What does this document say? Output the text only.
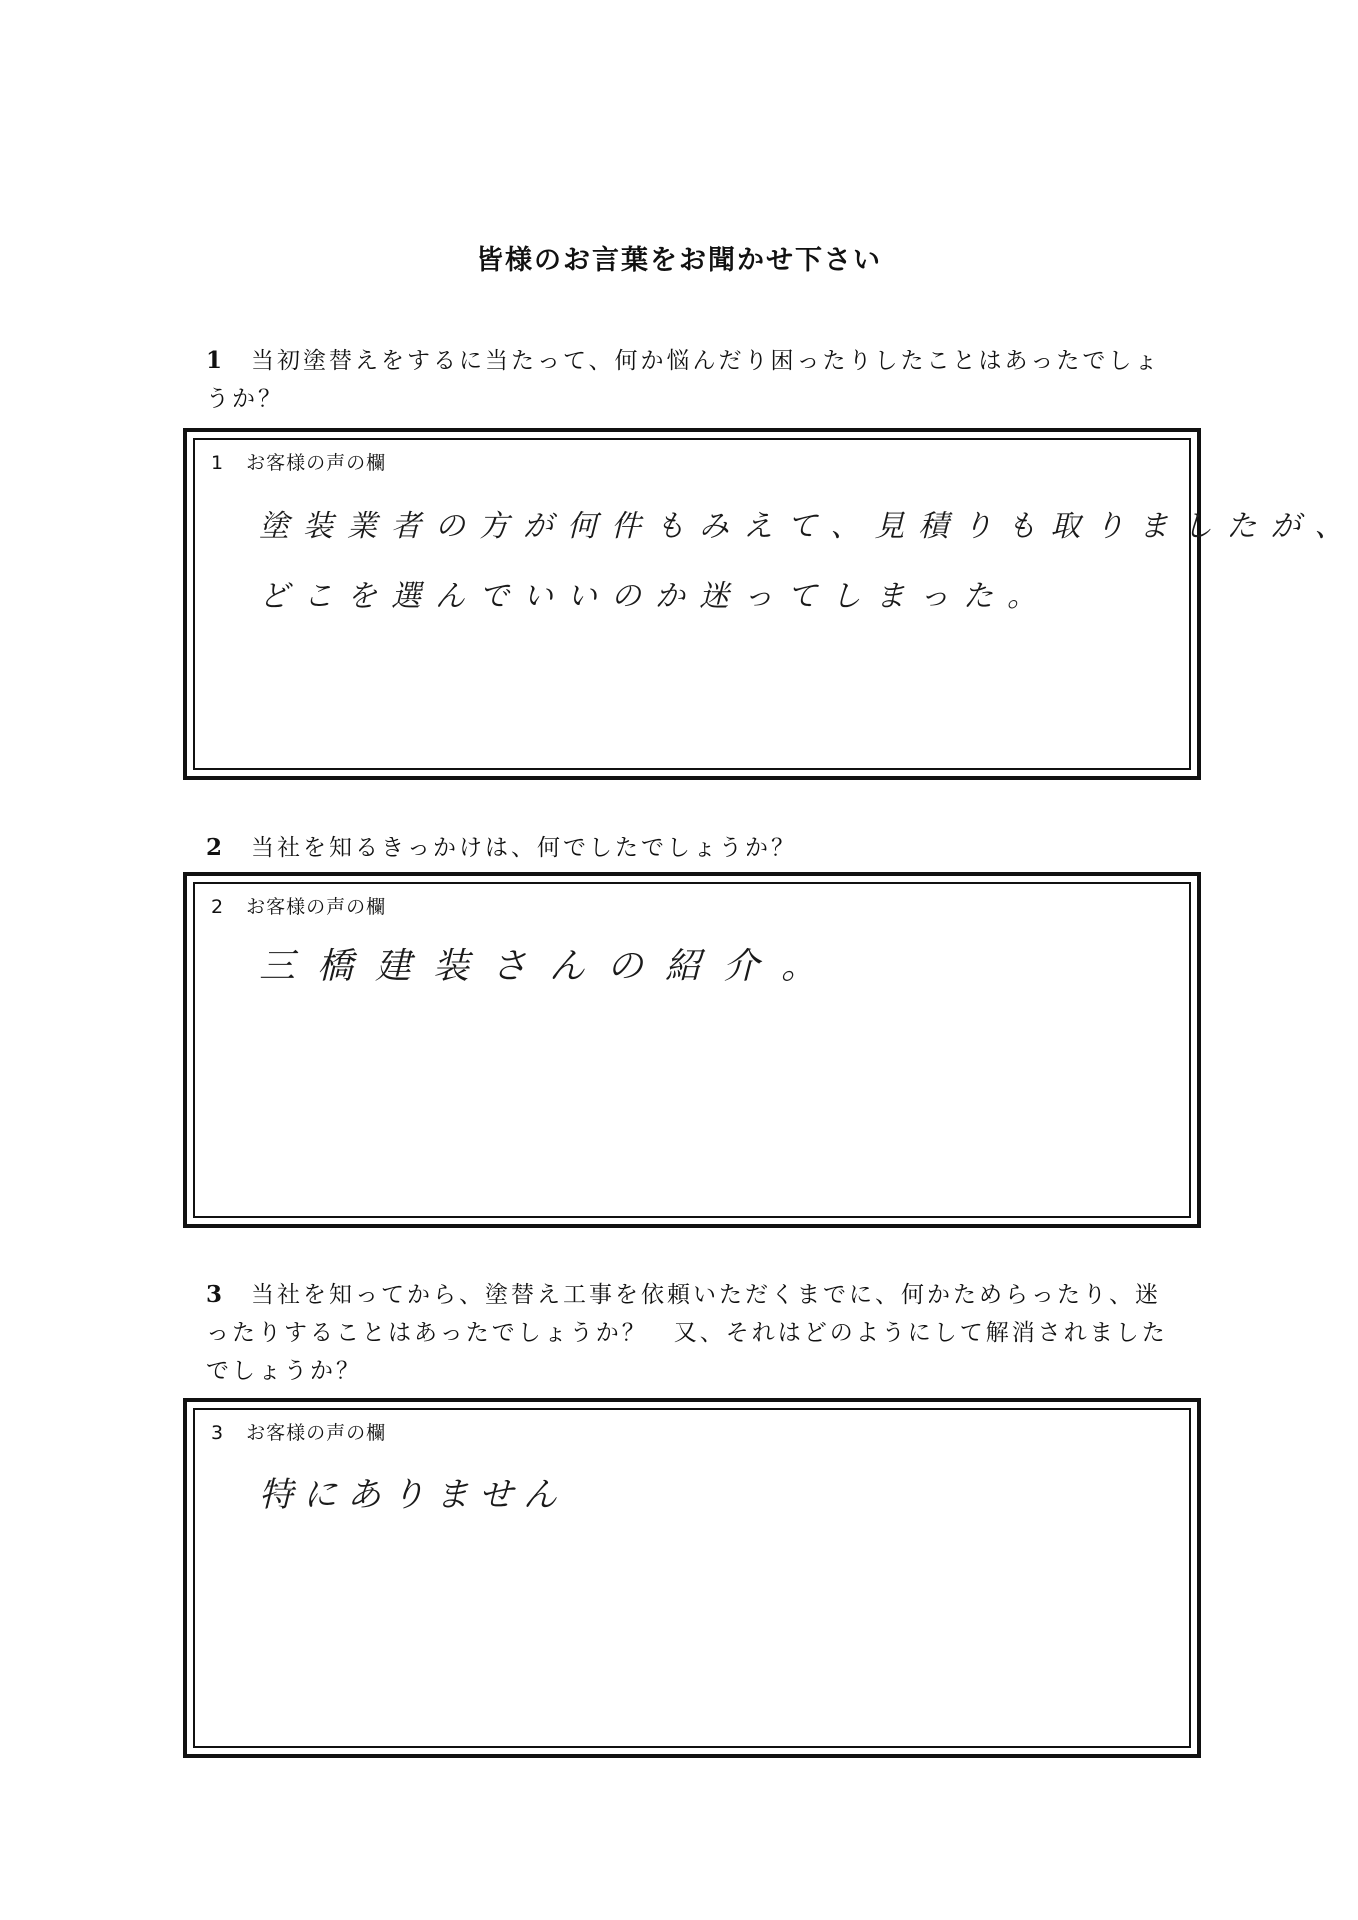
皆様のお言葉をお聞かせ下さい
1 当初塗替えをするに当たって、何か悩んだり困ったりしたことはあったでしょうか？
1 お客様の声の欄
塗装業者の方が何件もみえて、見積りも取りましたが、
どこを選んでいいのか迷ってしまった。
2 当社を知るきっかけは、何でしたでしょうか？
2 お客様の声の欄
三橋建装さんの紹介。
3 当社を知ってから、塗替え工事を依頼いただくまでに、何かためらったり、迷ったりすることはあったでしょうか？　又、それはどのようにして解消されましたでしょうか？
3 お客様の声の欄
特にありません
